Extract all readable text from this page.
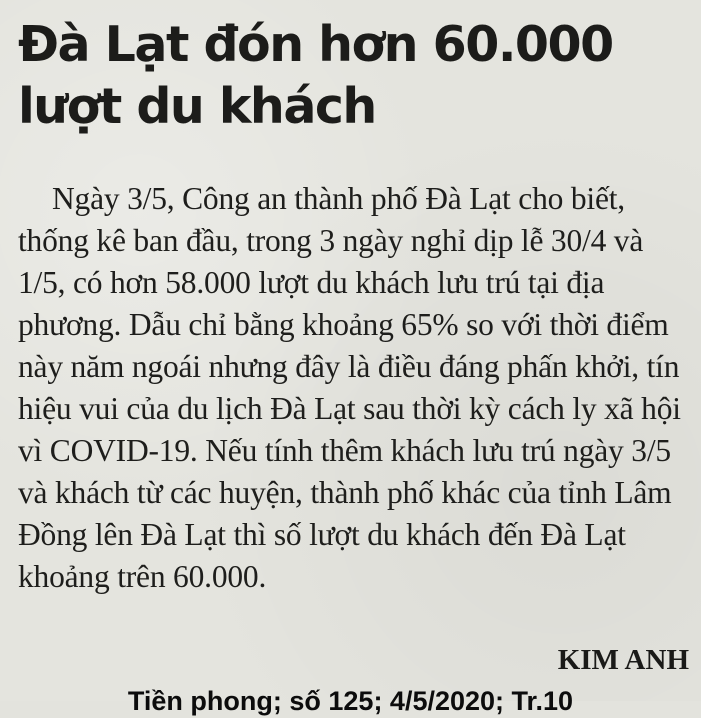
Đà Lạt đón hơn 60.000 lượt du khách

Ngày 3/5, Công an thành phố Đà Lạt cho biết, thống kê ban đầu, trong 3 ngày nghỉ dịp lễ 30/4 và 1/5, có hơn 58.000 lượt du khách lưu trú tại địa phương. Dẫu chỉ bằng khoảng 65% so với thời điểm này năm ngoái nhưng đây là điều đáng phấn khởi, tín hiệu vui của du lịch Đà Lạt sau thời kỳ cách ly xã hội vì COVID-19. Nếu tính thêm khách lưu trú ngày 3/5 và khách từ các huyện, thành phố khác của tỉnh Lâm Đồng lên Đà Lạt thì số lượt du khách đến Đà Lạt khoảng trên 60.000.

KIM ANH

Tiền phong; số 125; 4/5/2020; Tr.10
